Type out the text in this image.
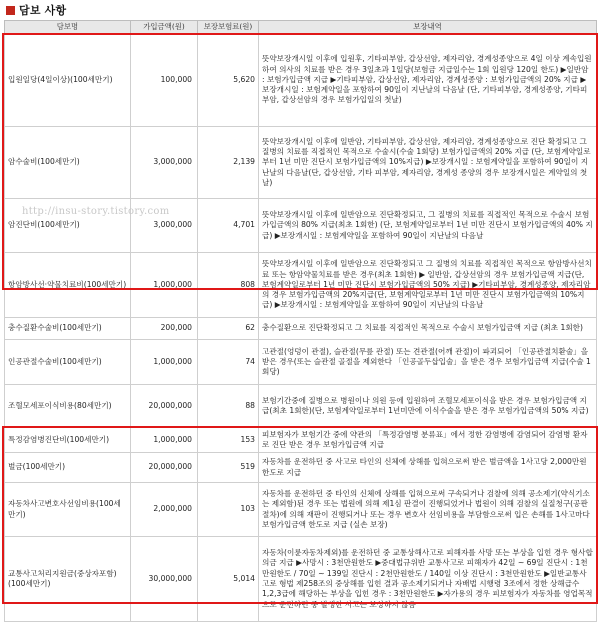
담보 사항
담보명	가입금액(원)	보장보험료(원)	보장내역
입원일당(4일이상)(100세만기)	100,000	5,620	뜻약보장개시일 이후에 입원후, 기타피부암, 갑상선암, 제자리암, 경계성종양으로 4일 이상 계속입원하여 의사의 치료를 받은 경우 3일초과 1일당(보험금 지급일수는 1회 입원당 120일 한도) ▶일반암 : 보험가입금액 지급 ▶기타피부암, 갑상선암, 제자리암, 경계성종양 : 보험가입금액의 20% 지급 ▶보장개시일 : 보험계약일을 포함하여 90일이 지난날의 다음날 (단, 기타피부암, 경계성종양, 기타피부암, 갑상선암의 경우 보험가입일의 첫날)
암수술비(100세만기)	3,000,000	2,139	뜻약보장개시일 이후에 일반암, 기타피부암, 갑상선암, 제자리암, 경계성종양으로 진단 확정되고 그 질병의 치료를 직접적인 목적으로 수술시(수술 1회당) 보험가입금액의 20% 지급 (단, 보험계약일로부터 1년 미만 진단시 보험가입금액의 10%지급) ▶보장개시일 : 보험계약일을 포함하여 90일이 지난날의 다음날(단, 갑상선암, 기타 피부암, 제자리암, 경계성 종양의 경우 보장개시일은 계약일의 첫날)
암진단비(100세만기)	3,000,000	4,701	뜻약보장개시일 이후에 일반암으로 진단확정되고, 그 질병의 치료를 직접적인 목적으로 수술시 보험가입금액의 80% 지급(최초 1회한) (단, 보험계약일로부터 1년 미만 진단시 보험가입금액의 40% 지급) ▶보장개시일 : 보험계약일을 포함하여 90일이 지난날의 다음날
항암방사선·약물치료비(100세만기)	1,000,000	808	뜻약보장개시일 이후에 일반암으로 진단확정되고 그 질병의 치료를 직접적인 목적으로 항암방사선치료 또는 항암약물치료를 받은 경우(최초 1회한) ▶ 일반암, 갑상선암의 경우 보험가입금액 지급(단, 보험계약일로부터 1년 미만 진단시 보험가입금액의 50% 지급) ▶기타피부암, 경계성종양, 제자리암의 경우 보험가입금액의 20%지급(단, 보험계약일로부터 1년 미만 진단시 보험가입금액의 10%지급) ▶보장개시일 : 보험계약일을 포함하여 90일이 지난날의 다음날
충수질환수술비(100세만기)	200,000	62	충수질환으로 진단확정되고 그 치료를 직접적인 목적으로 수술시 보험가입금액 지급 (최초 1회한)
인공관절수술비(100세만기)	1,000,000	74	고관절(엉덩이 관절), 슬관절(무릎 관절) 또는 견관절(어깨 관절)이 파괴되어 「인공관절치환술」을 받은 경우(또는 슬관절 골절을 제외한다 「인공골두삽입술」을 받은 경우 보험가입금액 지급(수술 1회당)
조혈모세포이식비용(80세만기)	20,000,000	88	보험기간중에 질병으로 병원이나 의원 등에 입원하여 조혈모세포이식을 받은 경우 보험가입금액 지급(최초 1회한)(단, 보험계약일로부터 1년미만에 이식수술을 받은 경우 보험가입금액의 50% 지급)
특정감염병진단비(100세만기)	1,000,000	153	피보험자가 보험기간 중에 약관의 「특정감염병 분류표」에서 정한 감염병에 감염되어 감염병 환자로 진단 받은 경우 보험가입금액 지급
벌금(100세만기)	20,000,000	519	자동차를 운전하던 중 사고로 타인의 신체에 상해를 입혀으로써 받은 벌금액을 1사고당 2,000만원 한도로 지급
자동차사고변호사선임비용(100세만기)	2,000,000	103	자동차를 운전하던 중 타인의 신체에 상해를 입혀으로써 구속되거나 검찰에 의해 공소제기(약식기소는 제외함)된 경우 또는 법원에 의해 제1심 판결이 진행되었거나 법원이 의해 검찰의 실질청구(공판절차)에 의해 재판이 진행되거나 또는 경우 변호사 선임비용을 부담함으로써 입은 손해를 1사고마다 보험가입금액 한도로 지급 (실손 보장)
교통사고처리지원금(중상자포함)(100세만기)	30,000,000	5,014	자동차(이륜자동차제외)를 운전하던 중 교통상해사고로 피해자를 사망 또는 부상을 입힌 경우 형사합의금 지급 ▶사망시 : 3천만원한도 ▶중대법규위반 교통사고로 피해자가 42일 ~ 69일 진단시 : 1천만원한도 / 70일 ~ 139일 진단시 : 2천만원한도 / 140일 이상 진단시 : 3천만원한도 ▶일반교통사고로 형법 제258조의 중상해를 입힌 결과 공소제기되거나 자배법 시행령 3조에서 정한 상해급수 1,2,3급에 해당하는 부상을 입힌 경우 : 3천만원한도 ▶자가용의 경우 피보험자가 자동차를 영업목적으로 운전하던 중 발생한 사고는 보상하지 않음
http://insu-story.tistory.com
